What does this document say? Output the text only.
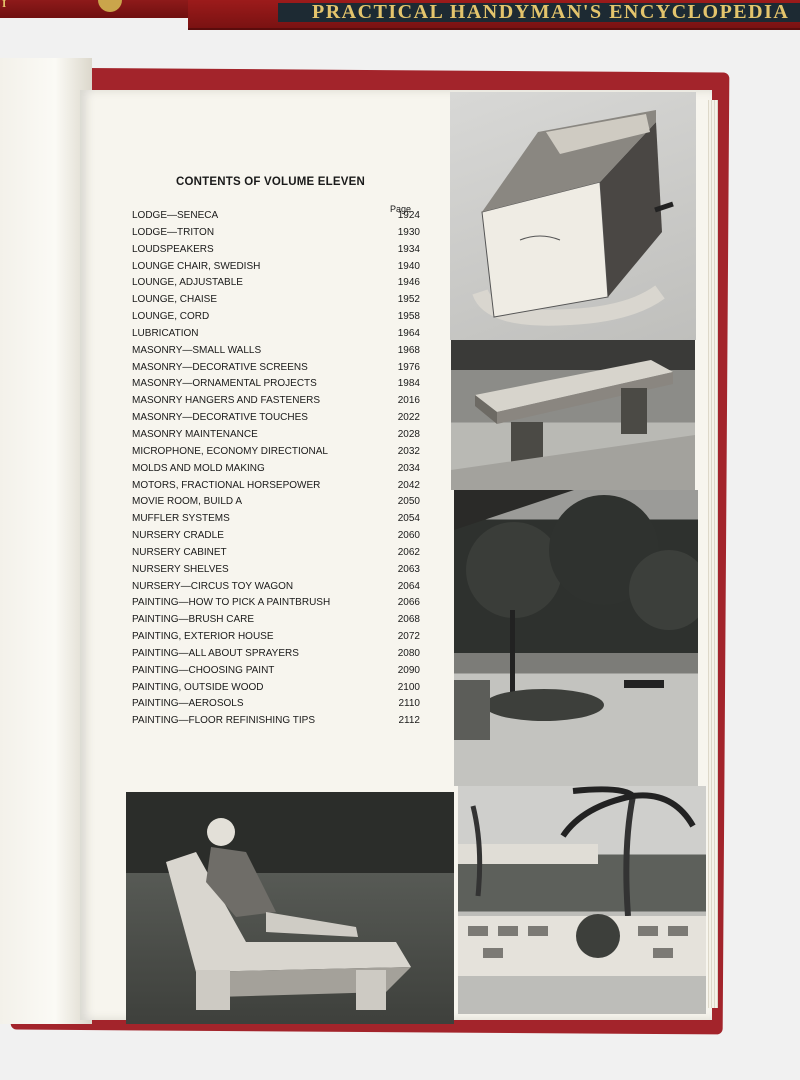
I	PRACTICAL HANDYMAN'S ENCYCLOPEDIA
CONTENTS OF VOLUME ELEVEN
Page
LODGE—SENECA	1924
LODGE—TRITON	1930
LOUDSPEAKERS	1934
LOUNGE CHAIR, SWEDISH	1940
LOUNGE, ADJUSTABLE	1946
LOUNGE, CHAISE	1952
LOUNGE, CORD	1958
LUBRICATION	1964
MASONRY—SMALL WALLS	1968
MASONRY—DECORATIVE SCREENS	1976
MASONRY—ORNAMENTAL PROJECTS	1984
MASONRY HANGERS AND FASTENERS	2016
MASONRY—DECORATIVE TOUCHES	2022
MASONRY MAINTENANCE	2028
MICROPHONE, ECONOMY DIRECTIONAL	2032
MOLDS AND MOLD MAKING	2034
MOTORS, FRACTIONAL HORSEPOWER	2042
MOVIE ROOM, BUILD A	2050
MUFFLER SYSTEMS	2054
NURSERY CRADLE	2060
NURSERY CABINET	2062
NURSERY SHELVES	2063
NURSERY—CIRCUS TOY WAGON	2064
PAINTING—HOW TO PICK A PAINTBRUSH	2066
PAINTING—BRUSH CARE	2068
PAINTING, EXTERIOR HOUSE	2072
PAINTING—ALL ABOUT SPRAYERS	2080
PAINTING—CHOOSING PAINT	2090
PAINTING, OUTSIDE WOOD	2100
PAINTING—AEROSOLS	2110
PAINTING—FLOOR REFINISHING TIPS	2112
